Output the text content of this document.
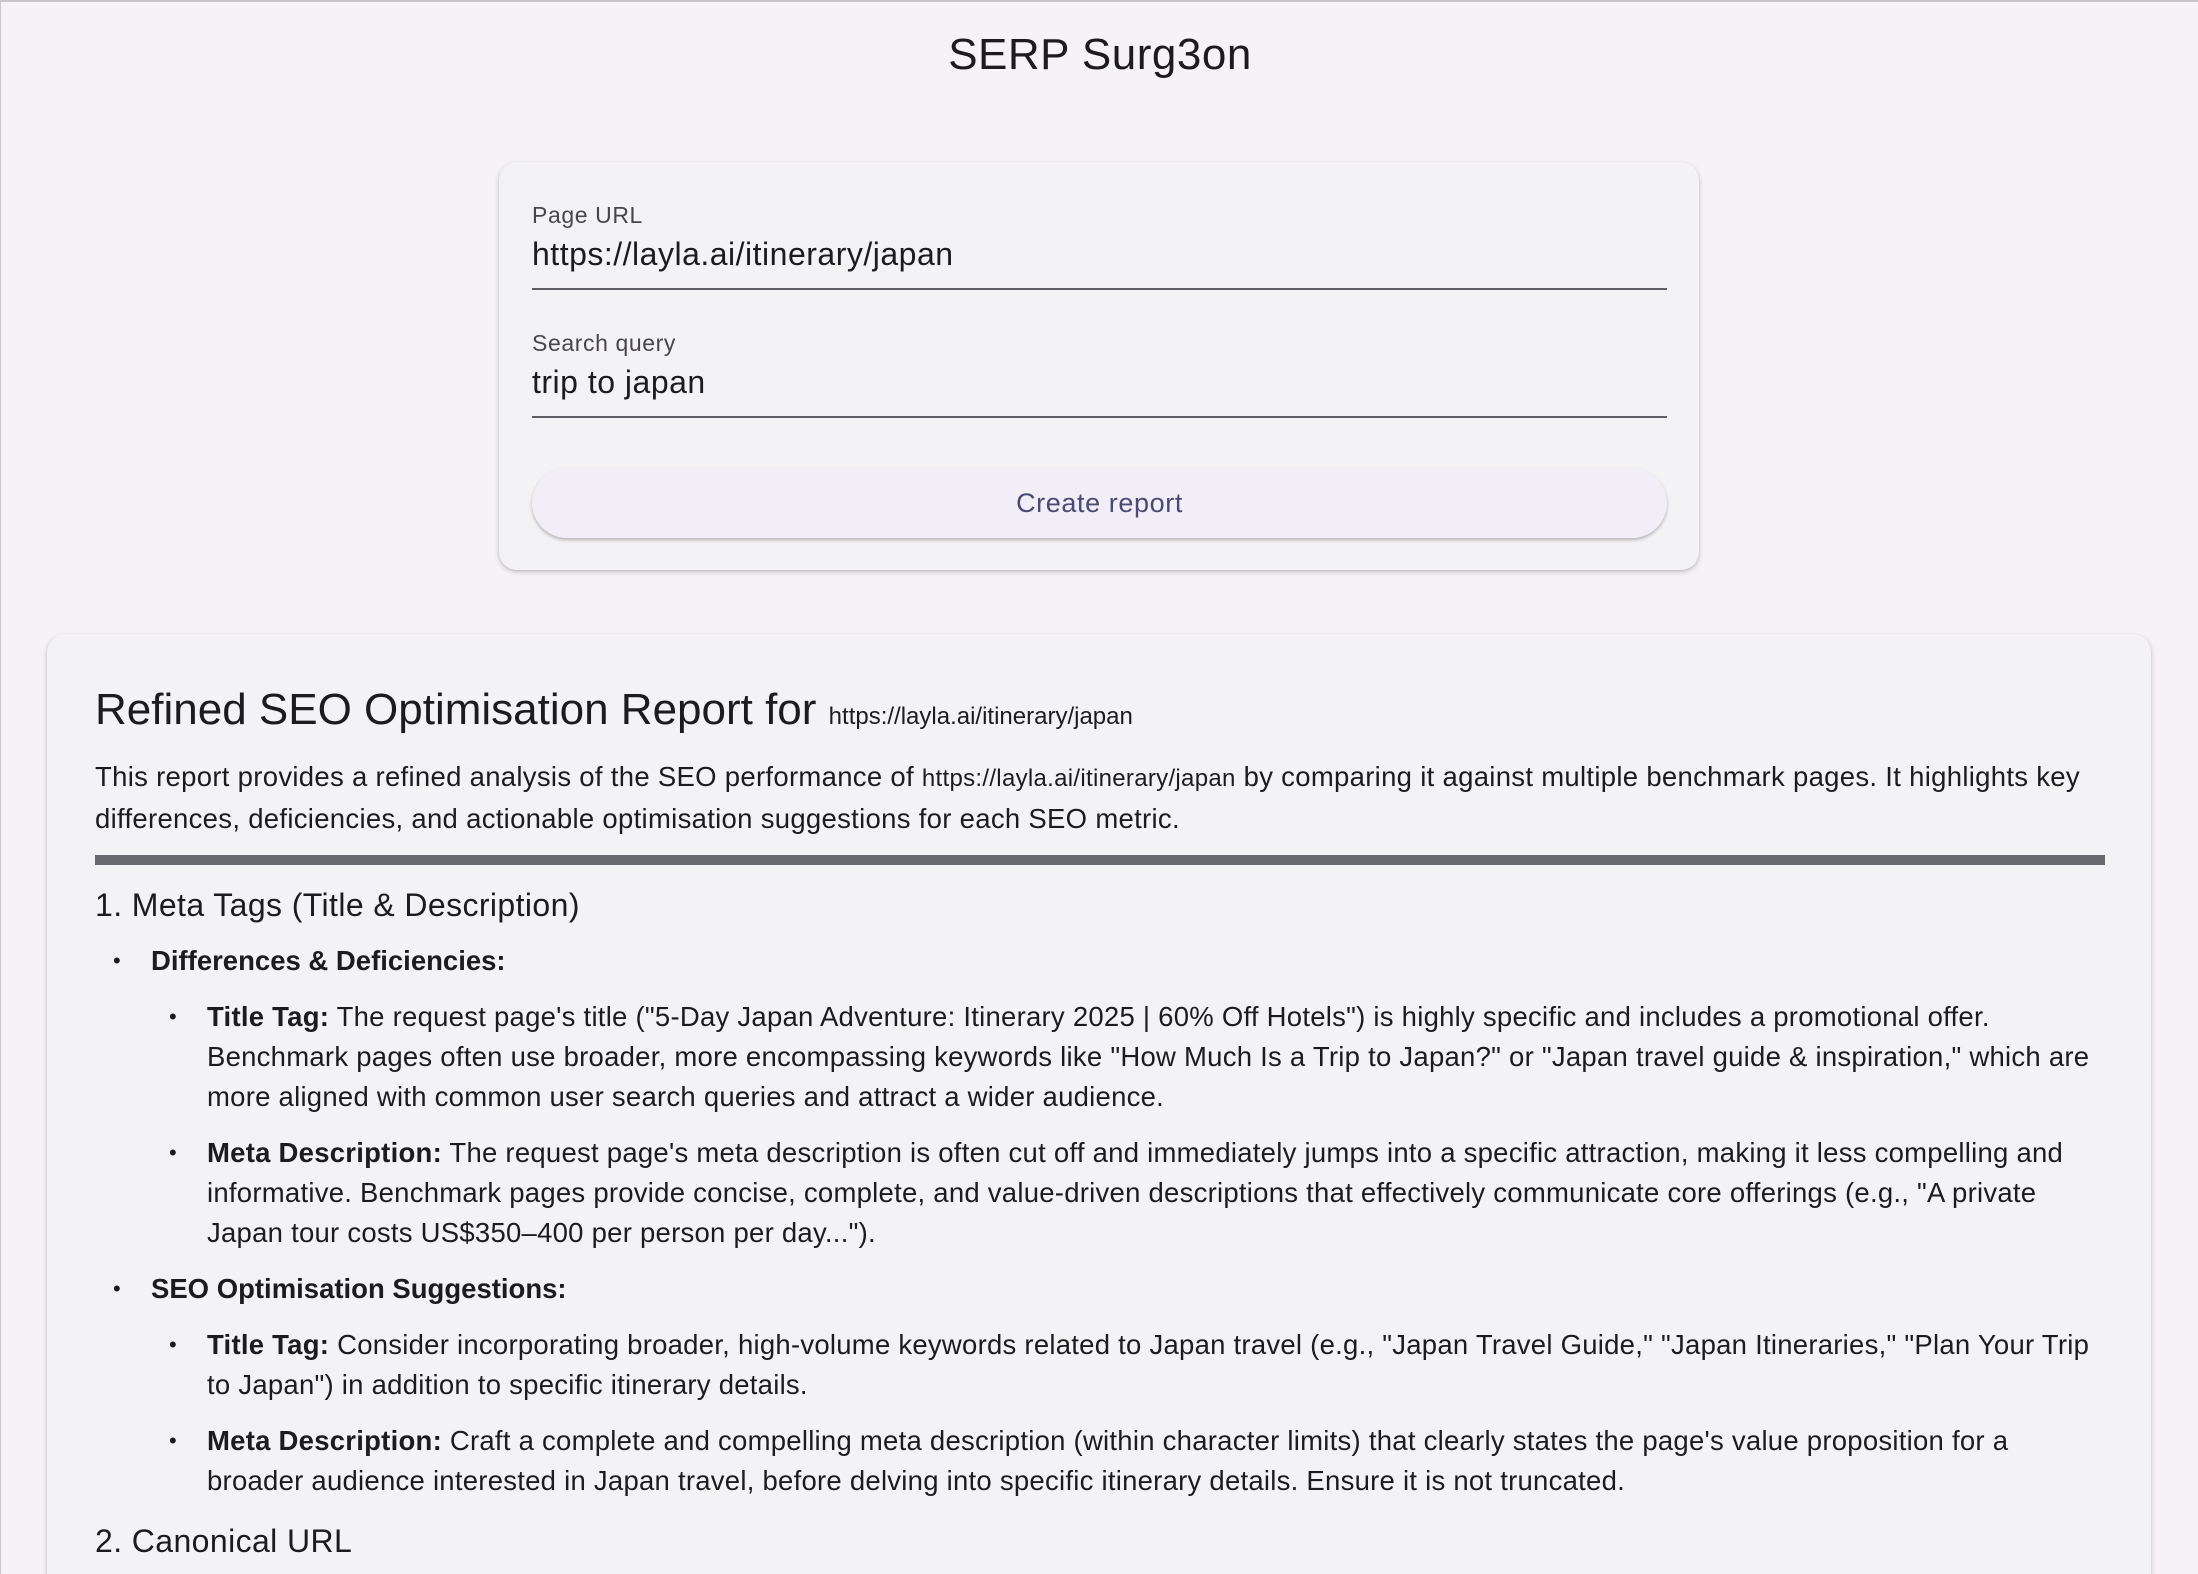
SERP Surg3on
Page URL
https://layla.ai/itinerary/japan
Search query
trip to japan
Create report
Refined SEO Optimisation Report for https://layla.ai/itinerary/japan

This report provides a refined analysis of the SEO performance of https://layla.ai/itinerary/japan by comparing it against multiple benchmark pages. It highlights key differences, deficiencies, and actionable optimisation suggestions for each SEO metric.

1. Meta Tags (Title & Description)
• Differences & Deficiencies:
• Title Tag: The request page's title ("5-Day Japan Adventure: Itinerary 2025 | 60% Off Hotels") is highly specific and includes a promotional offer. Benchmark pages often use broader, more encompassing keywords like "How Much Is a Trip to Japan?" or "Japan travel guide & inspiration," which are more aligned with common user search queries and attract a wider audience.
• Meta Description: The request page's meta description is often cut off and immediately jumps into a specific attraction, making it less compelling and informative. Benchmark pages provide concise, complete, and value-driven descriptions that effectively communicate core offerings (e.g., "A private Japan tour costs US$350–400 per person per day...").
• SEO Optimisation Suggestions:
• Title Tag: Consider incorporating broader, high-volume keywords related to Japan travel (e.g., "Japan Travel Guide," "Japan Itineraries," "Plan Your Trip to Japan") in addition to specific itinerary details.
• Meta Description: Craft a complete and compelling meta description (within character limits) that clearly states the page's value proposition for a broader audience interested in Japan travel, before delving into specific itinerary details. Ensure it is not truncated.
2. Canonical URL
